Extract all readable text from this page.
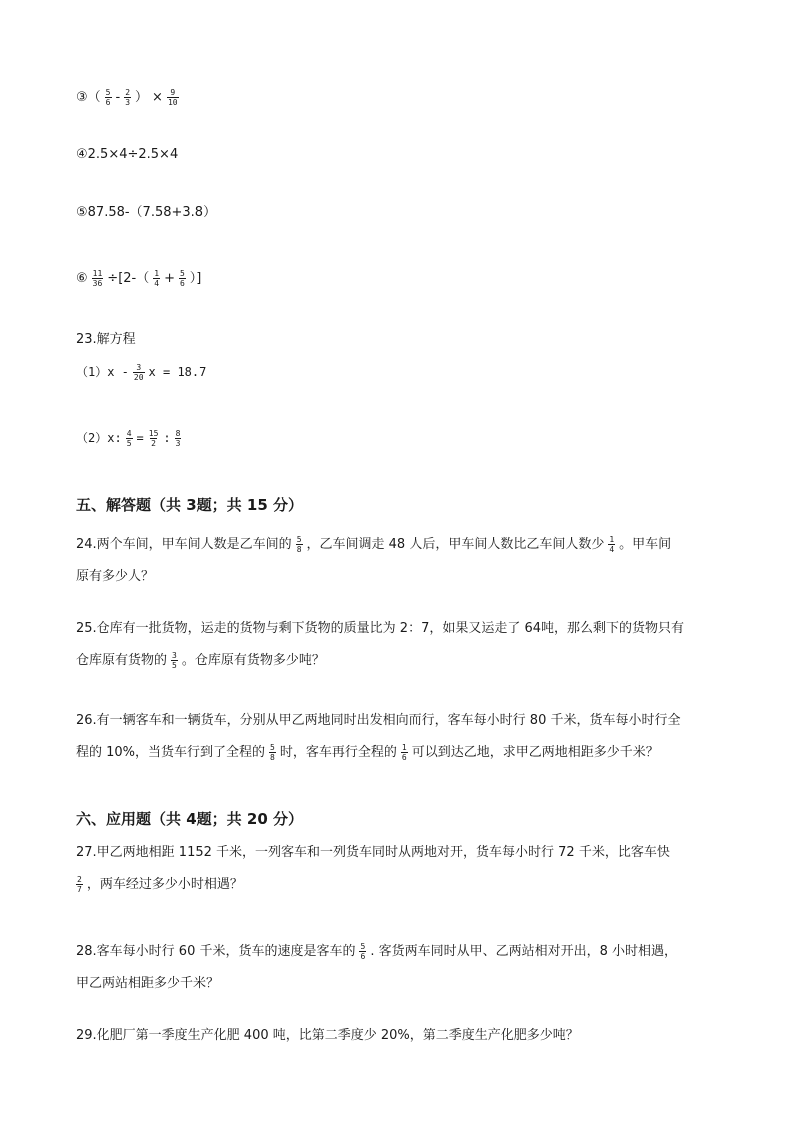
③（ $\frac{5}{6} - \frac{2}{3}$ ） × $\frac{9}{10}$
④2.5×4÷2.5×4
⑤87.58-（7.58+3.8）
⑥ $\frac{11}{36} \div[2-( \frac{1}{4} + \frac{5}{6}$ ）]
23.解方程
$(1)x - \frac{3}{20}$ x = 18.7
（2）x: $\frac{4}{5} = \frac{15}{2}$ : $\frac{8}{3}$
五、解答题（共 3题；共 15 分）
24.两个车间，甲车间人数是乙车间的 $\frac{5}{8}$ ，乙车间调走 48 人后，甲车间人数比乙车间人数少 $\frac{1}{4}$ 。甲车间
原有多少人？
25.仓库有一批货物，运走的货物与剩下货物的质量比为 2：7，如果又运走了 64吨，那么剩下的货物只有
仓库原有货物的 $\frac{3}{5}$ 。仓库原有货物多少吨？
26.有一辆客车和一辆货车，分别从甲乙两地同时出发相向而行，客车每小时行 80 千米，货车每小时行全
程的 10%，当货车行到了全程的 $\frac{5}{8}$ 时，客车再行全程的 $\frac{1}{6}$ 可以到达乙地，求甲乙两地相距多少千米？
六、应用题（共 4题；共 20 分）
27.甲乙两地相距 1152 千米，一列客车和一列货车同时从两地对开，货车每小时行 72 千米，比客车快
$\frac{2}{7}$ ，两车经过多少小时相遇？
28.客车每小时行 60 千米，货车的速度是客车的 $\frac{5}{6}$ . 客货两车同时从甲、乙两站相对开出，8 小时相遇，
甲乙两站相距多少千米？
29.化肥厂第一季度生产化肥 400 吨，比第二季度少 20%，第二季度生产化肥多少吨？
